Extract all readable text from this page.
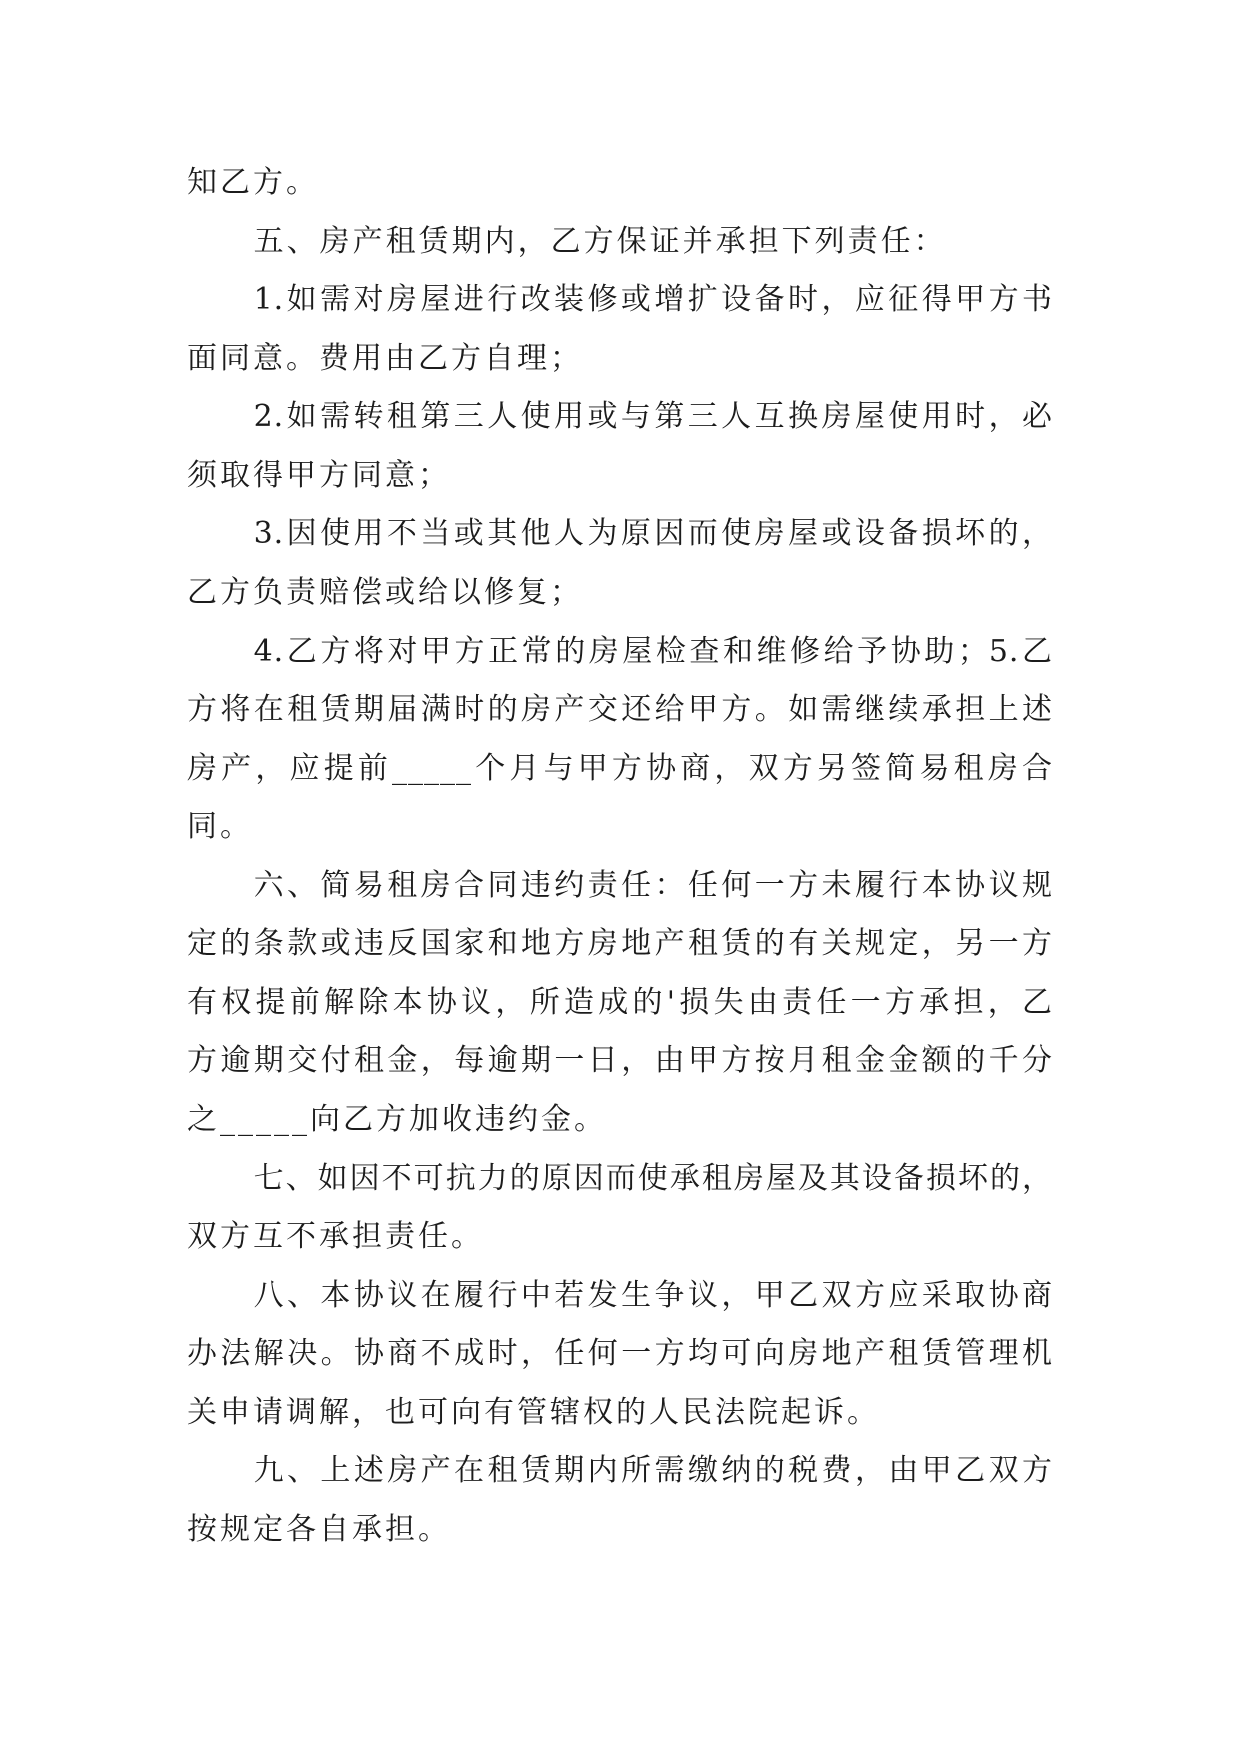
知乙方。
五、房产租赁期内，乙方保证并承担下列责任：
1.如需对房屋进行改装修或增扩设备时，应征得甲方书
面同意。费用由乙方自理；
2.如需转租第三人使用或与第三人互换房屋使用时，必
须取得甲方同意；
3.因使用不当或其他人为原因而使房屋或设备损坏的，
乙方负责赔偿或给以修复；
4.乙方将对甲方正常的房屋检查和维修给予协助；5.乙
方将在租赁期届满时的房产交还给甲方。如需继续承担上述
房产，应提前_____个月与甲方协商，双方另签简易租房合
同。
六、简易租房合同违约责任：任何一方未履行本协议规
定的条款或违反国家和地方房地产租赁的有关规定，另一方
有权提前解除本协议，所造成的'损失由责任一方承担，乙
方逾期交付租金，每逾期一日，由甲方按月租金金额的千分
之_____向乙方加收违约金。
七、如因不可抗力的原因而使承租房屋及其设备损坏的，
双方互不承担责任。
八、本协议在履行中若发生争议，甲乙双方应采取协商
办法解决。协商不成时，任何一方均可向房地产租赁管理机
关申请调解，也可向有管辖权的人民法院起诉。
九、上述房产在租赁期内所需缴纳的税费，由甲乙双方
按规定各自承担。
